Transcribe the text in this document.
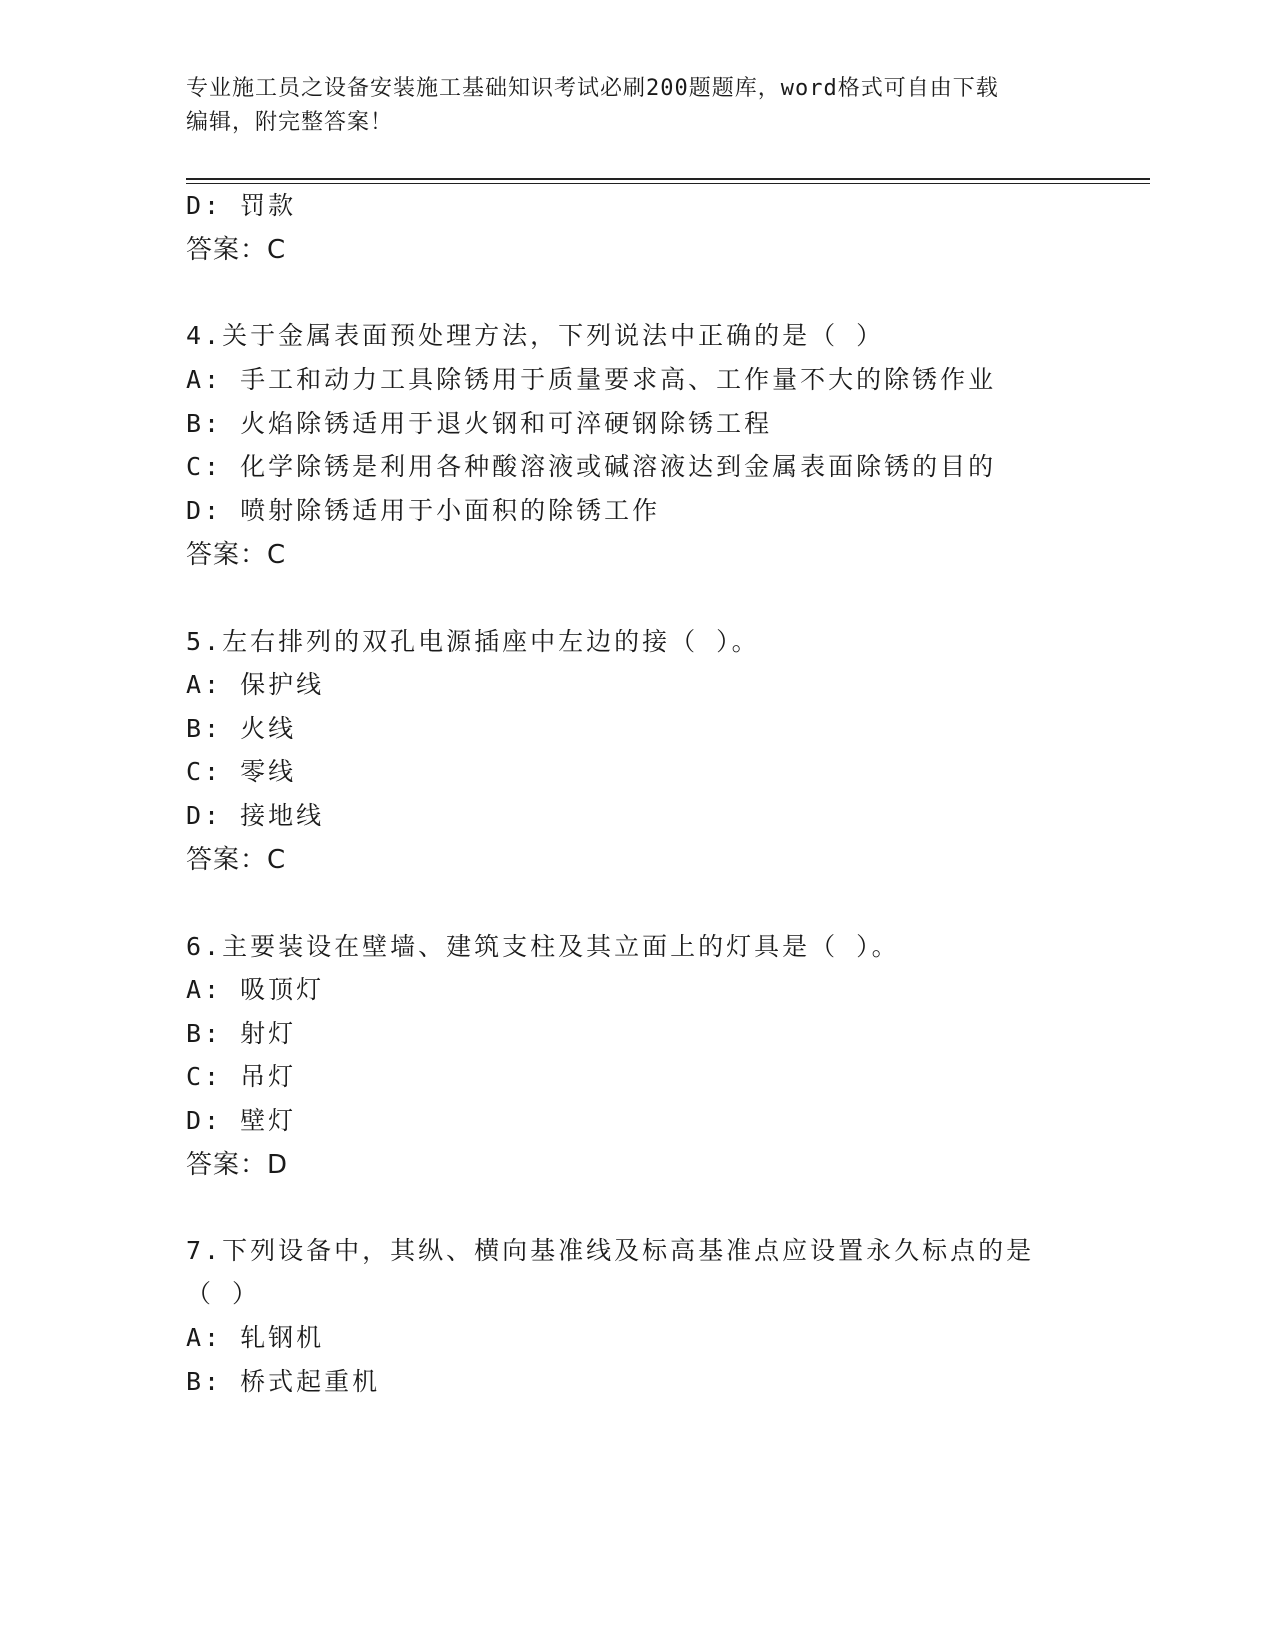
专业施工员之设备安装施工基础知识考试必刷200题题库，word格式可自由下载
编辑，附完整答案！
D: 罚款
答案：C
4.关于金属表面预处理方法，下列说法中正确的是（ ）
A: 手工和动力工具除锈用于质量要求高、工作量不大的除锈作业
B: 火焰除锈适用于退火钢和可淬硬钢除锈工程
C: 化学除锈是利用各种酸溶液或碱溶液达到金属表面除锈的目的
D: 喷射除锈适用于小面积的除锈工作
答案：C
5.左右排列的双孔电源插座中左边的接（ ）。
A: 保护线
B: 火线
C: 零线
D: 接地线
答案：C
6.主要装设在壁墙、建筑支柱及其立面上的灯具是（ ）。
A: 吸顶灯
B: 射灯
C: 吊灯
D: 壁灯
答案：D
7.下列设备中，其纵、横向基准线及标高基准点应设置永久标点的是
（ ）
A: 轧钢机
B: 桥式起重机
